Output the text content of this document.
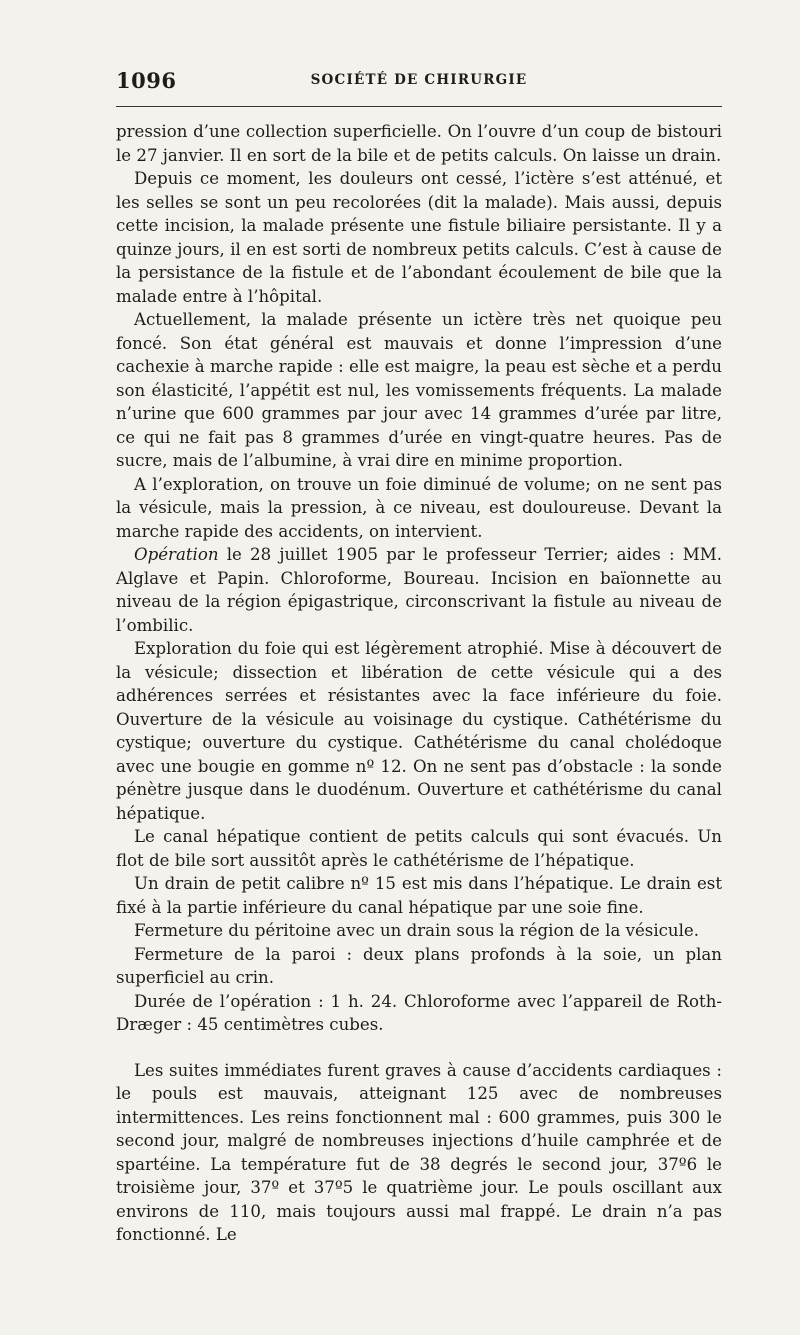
1096	SOCIÉTÉ DE CHIRURGIE

pression d’une collection superficielle. On l’ouvre d’un coup de bistouri le 27 janvier. Il en sort de la bile et de petits calculs. On laisse un drain.

Depuis ce moment, les douleurs ont cessé, l’ictère s’est atténué, et les selles se sont un peu recolorées (dit la malade). Mais aussi, depuis cette incision, la malade présente une fistule biliaire persistante. Il y a quinze jours, il en est sorti de nombreux petits calculs. C’est à cause de la persistance de la fistule et de l’abondant écoulement de bile que la malade entre à l’hôpital.

Actuellement, la malade présente un ictère très net quoique peu foncé. Son état général est mauvais et donne l’impression d’une cachexie à marche rapide : elle est maigre, la peau est sèche et a perdu son élasticité, l’appétit est nul, les vomissements fréquents. La malade n’urine que 600 grammes par jour avec 14 grammes d’urée par litre, ce qui ne fait pas 8 grammes d’urée en vingt-quatre heures. Pas de sucre, mais de l’albumine, à vrai dire en minime proportion.

A l’exploration, on trouve un foie diminué de volume; on ne sent pas la vésicule, mais la pression, à ce niveau, est douloureuse. Devant la marche rapide des accidents, on intervient.

Opération le 28 juillet 1905 par le professeur Terrier; aides : MM. Alglave et Papin. Chloroforme, Boureau. Incision en baïonnette au niveau de la région épigastrique, circonscrivant la fistule au niveau de l’ombilic.

Exploration du foie qui est légèrement atrophié. Mise à découvert de la vésicule; dissection et libération de cette vésicule qui a des adhérences serrées et résistantes avec la face inférieure du foie. Ouverture de la vésicule au voisinage du cystique. Cathétérisme du cystique; ouverture du cystique. Cathétérisme du canal cholédoque avec une bougie en gomme nº 12. On ne sent pas d’obstacle : la sonde pénètre jusque dans le duodénum. Ouverture et cathétérisme du canal hépatique.

Le canal hépatique contient de petits calculs qui sont évacués. Un flot de bile sort aussitôt après le cathétérisme de l’hépatique.

Un drain de petit calibre nº 15 est mis dans l’hépatique. Le drain est fixé à la partie inférieure du canal hépatique par une soie fine.

Fermeture du péritoine avec un drain sous la région de la vésicule.

Fermeture de la paroi : deux plans profonds à la soie, un plan superficiel au crin.

Durée de l’opération : 1 h. 24. Chloroforme avec l’appareil de Roth-Dræger : 45 centimètres cubes.

Les suites immédiates furent graves à cause d’accidents cardiaques : le pouls est mauvais, atteignant 125 avec de nombreuses intermittences. Les reins fonctionnent mal : 600 grammes, puis 300 le second jour, malgré de nombreuses injections d’huile camphrée et de spartéine. La température fut de 38 degrés le second jour, 37º6 le troisième jour, 37º et 37º5 le quatrième jour. Le pouls oscillant aux environs de 110, mais toujours aussi mal frappé. Le drain n’a pas fonctionné. Le
